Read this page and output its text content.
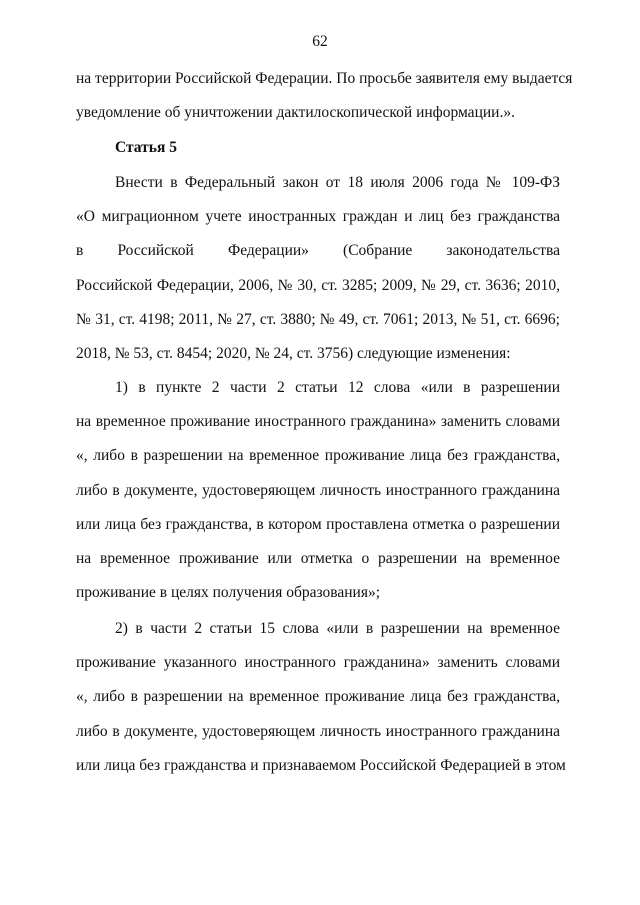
62
на территории Российской Федерации. По просьбе заявителя ему выдается
уведомление об уничтожении дактилоскопической информации.».
Статья 5
Внести в Федеральный закон от 18 июля 2006 года № 109-ФЗ
«О миграционном учете иностранных граждан и лиц без гражданства
в Российской Федерации» (Собрание законодательства
Российской Федерации, 2006, № 30, ст. 3285; 2009, № 29, ст. 3636; 2010,
№ 31, ст. 4198; 2011, № 27, ст. 3880; № 49, ст. 7061; 2013, № 51, ст. 6696;
2018, № 53, ст. 8454; 2020, № 24, ст. 3756) следующие изменения:
1) в пункте 2 части 2 статьи 12 слова «или в разрешении
на временное проживание иностранного гражданина» заменить словами
«, либо в разрешении на временное проживание лица без гражданства,
либо в документе, удостоверяющем личность иностранного гражданина
или лица без гражданства, в котором проставлена отметка о разрешении
на временное проживание или отметка о разрешении на временное
проживание в целях получения образования»;
2) в части 2 статьи 15 слова «или в разрешении на временное
проживание указанного иностранного гражданина» заменить словами
«, либо в разрешении на временное проживание лица без гражданства,
либо в документе, удостоверяющем личность иностранного гражданина
или лица без гражданства и признаваемом Российской Федерацией в этом
